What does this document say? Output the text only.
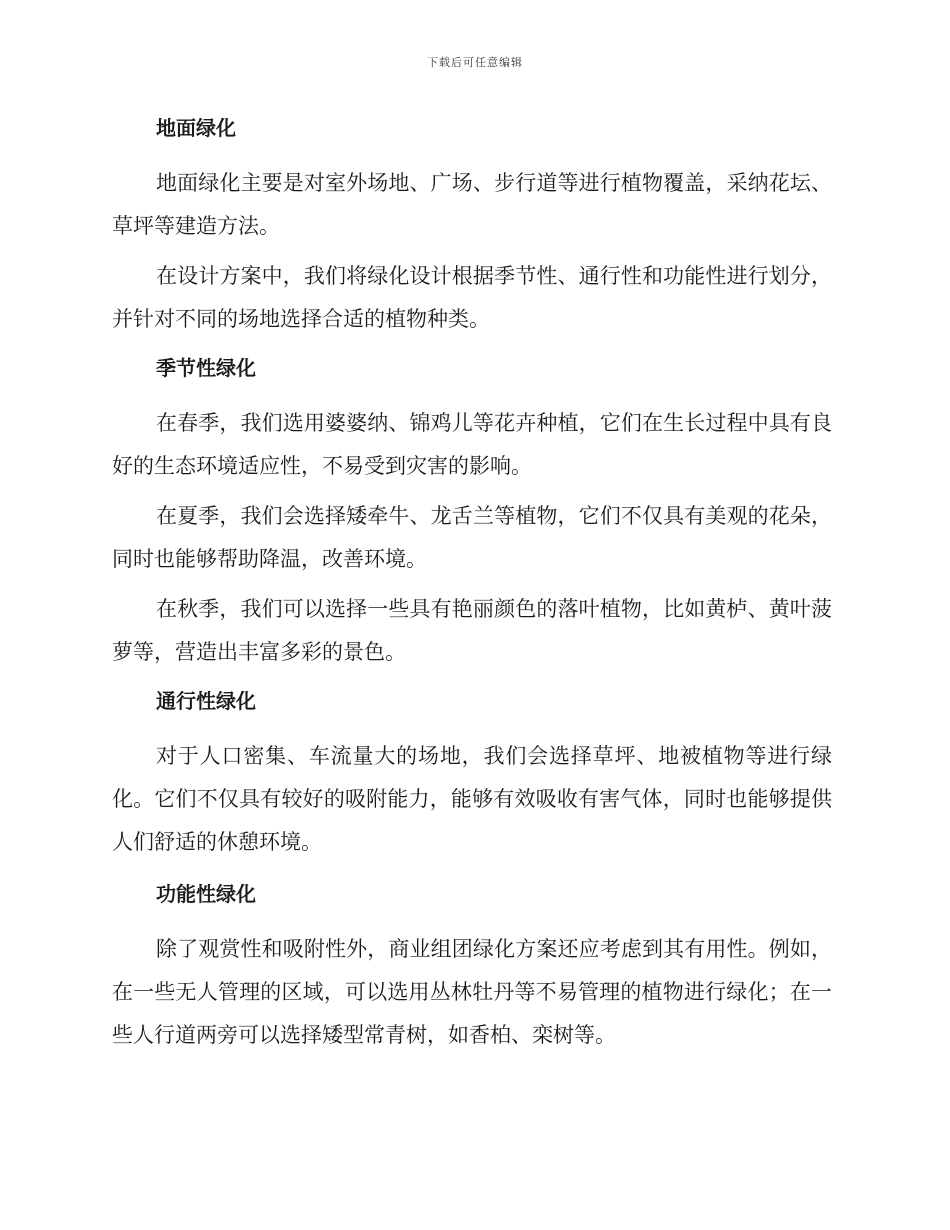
下载后可任意编辑
地面绿化

地面绿化主要是对室外场地、广场、步行道等进行植物覆盖，采纳花坛、草坪等建造方法。

在设计方案中，我们将绿化设计根据季节性、通行性和功能性进行划分，并针对不同的场地选择合适的植物种类。

季节性绿化

在春季，我们选用婆婆纳、锦鸡儿等花卉种植，它们在生长过程中具有良好的生态环境适应性，不易受到灾害的影响。

在夏季，我们会选择矮牵牛、龙舌兰等植物，它们不仅具有美观的花朵，同时也能够帮助降温，改善环境。

在秋季，我们可以选择一些具有艳丽颜色的落叶植物，比如黄栌、黄叶菠萝等，营造出丰富多彩的景色。

通行性绿化

对于人口密集、车流量大的场地，我们会选择草坪、地被植物等进行绿化。它们不仅具有较好的吸附能力，能够有效吸收有害气体，同时也能够提供人们舒适的休憩环境。

功能性绿化

除了观赏性和吸附性外，商业组团绿化方案还应考虑到其有用性。例如，在一些无人管理的区域，可以选用丛林牡丹等不易管理的植物进行绿化；在一些人行道两旁可以选择矮型常青树，如香柏、栾树等。
